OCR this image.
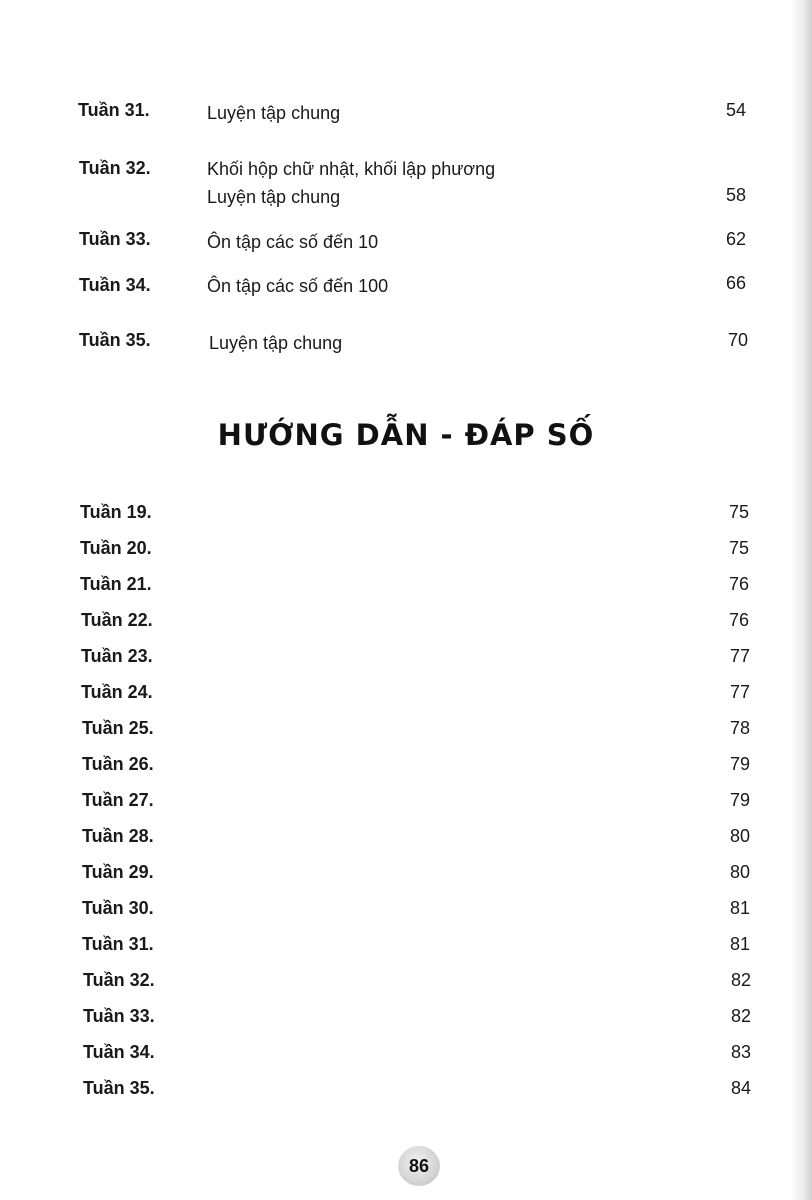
Tuần 31.	Luyện tập chung	54
Tuần 32.	Khối hộp chữ nhật, khối lập phương
Luyện tập chung	58
Tuần 33.	Ôn tập các số đến 10	62
Tuần 34.	Ôn tập các số đến 100	66
Tuần 35.	Luyện tập chung	70
HƯỚNG DẪN - ĐÁP SỐ
Tuần 19.	75
Tuần 20.	75
Tuần 21.	76
Tuần 22.	76
Tuần 23.	77
Tuần 24.	77
Tuần 25.	78
Tuần 26.	79
Tuần 27.	79
Tuần 28.	80
Tuần 29.	80
Tuần 30.	81
Tuần 31.	81
Tuần 32.	82
Tuần 33.	82
Tuần 34.	83
Tuần 35.	84
86
